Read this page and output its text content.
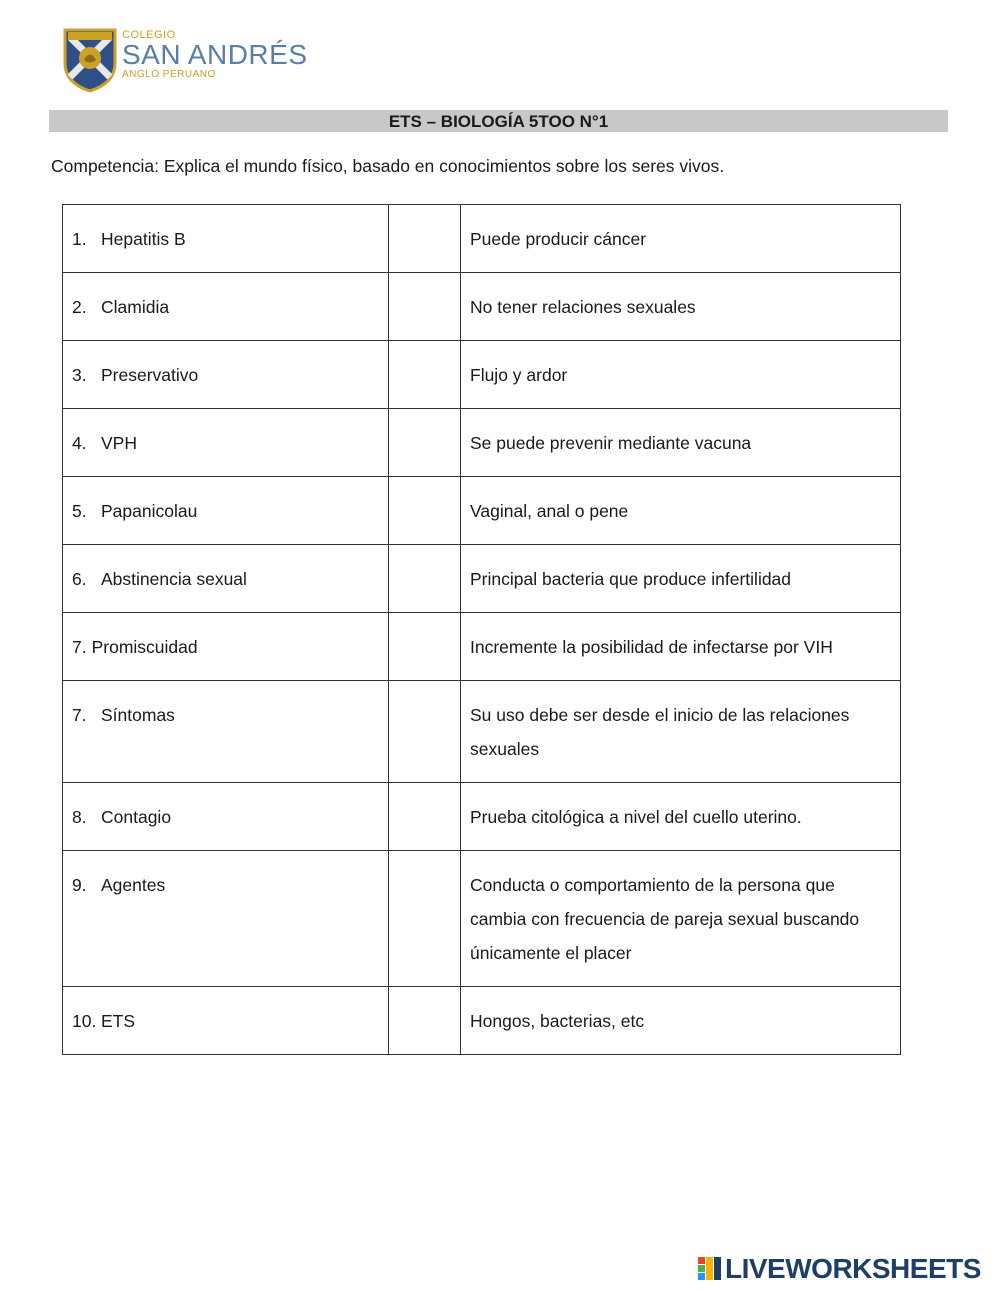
COLEGIO
SAN ANDRÉS
ANGLO PERUANO
ETS – BIOLOGÍA 5TOO N°1
Competencia: Explica el mundo físico, basado en conocimientos sobre los seres vivos.
1. Hepatitis B		Puede producir cáncer
2. Clamidia		No tener relaciones sexuales
3. Preservativo		Flujo y ardor
4. VPH		Se puede prevenir mediante vacuna
5. Papanicolau		Vaginal, anal o pene
6. Abstinencia sexual		Principal bacteria que produce infertilidad
7. Promiscuidad		Incremente la posibilidad de infectarse por VIH
7. Síntomas		Su uso debe ser desde el inicio de las relaciones sexuales
8. Contagio		Prueba citológica a nivel del cuello uterino.
9. Agentes		Conducta o comportamiento de la persona que cambia con frecuencia de pareja sexual buscando únicamente el placer
10. ETS		Hongos, bacterias, etc
LIVEWORKSHEETS
